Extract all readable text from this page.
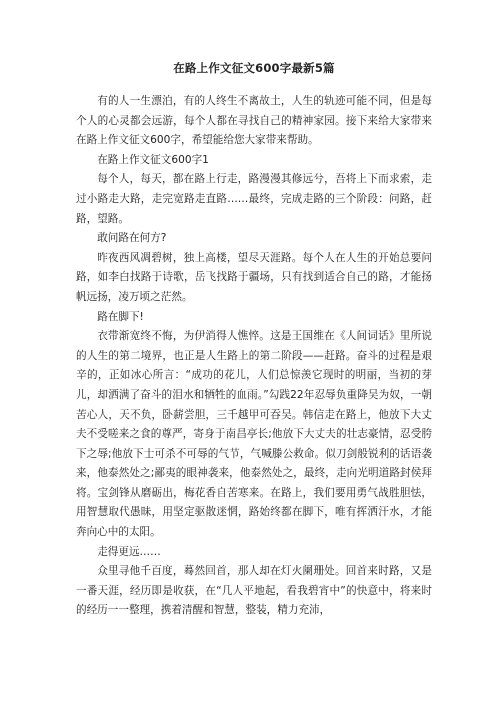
在路上作文征文600字最新5篇

有的人一生漂泊，有的人终生不离故土，人生的轨迹可能不同，但是每个人的心灵都会远游，每个人都在寻找自己的精神家园。接下来给大家带来在路上作文征文600字，希望能给您大家带来帮助。

在路上作文征文600字1

每个人，每天，都在路上行走，路漫漫其修远兮，吾将上下而求索，走过小路走大路，走完宽路走直路……最终，完成走路的三个阶段：问路，赶路，望路。

敢问路在何方?

昨夜西风凋碧树，独上高楼，望尽天涯路。每个人在人生的开始总要问路，如李白找路于诗歌，岳飞找路于疆场，只有找到适合自己的路，才能扬帆远扬，凌万顷之茫然。

路在脚下!

衣带渐宽终不悔，为伊消得人憔悴。这是王国维在《人间词话》里所说的人生的第二境界，也正是人生路上的第二阶段——赶路。奋斗的过程是艰辛的，正如冰心所言：“成功的花儿，人们总惊羡它现时的明丽，当初的芽儿，却洒满了奋斗的泪水和牺牲的血雨。”勾践22年忍辱负重降吴为奴，一朝苦心人，天不负，卧薪尝胆，三千越甲可吞吴。韩信走在路上，他放下大丈夫不受嗟来之食的尊严，寄身于南昌亭长;他放下大丈夫的壮志豪情，忍受胯下之辱;他放下士可杀不可辱的气节，气喊滕公救命。似刀剑般锐利的话语袭来，他泰然处之;鄙夷的眼神袭来，他泰然处之，最终，走向光明道路封侯拜将。宝剑锋从磨砺出，梅花香自苦寒来。在路上，我们要用勇气战胜胆怯，用智慧取代愚昧，用坚定驱散迷惘，路始终都在脚下，唯有挥洒汗水，才能奔向心中的太阳。

走得更远……

众里寻他千百度，蓦然回首，那人却在灯火阑珊处。回首来时路，又是一番天涯，经历即是收获，在“几人平地起，看我碧宵中”的快意中，将来时的经历一一整理，携着清醒和智慧，整装，精力充沛，
